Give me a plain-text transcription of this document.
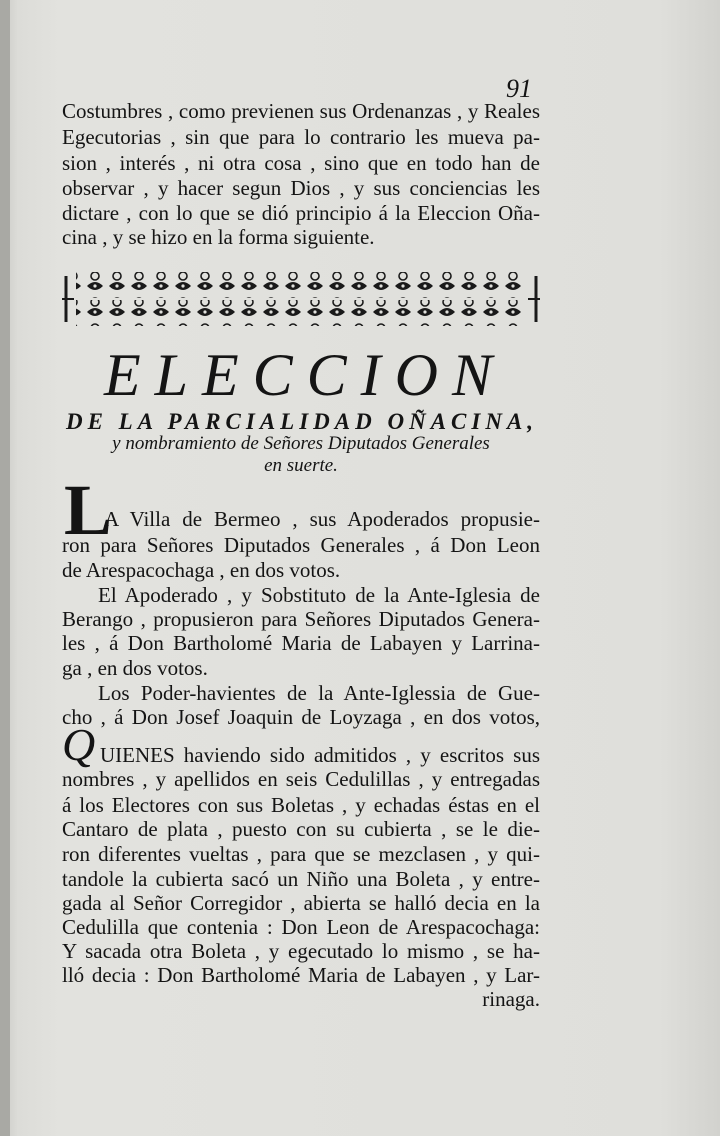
91
Costumbres , como previenen sus Ordenanzas , y Reales
Egecutorias , sin que para lo contrario les mueva pa-
sion , interés , ni otra cosa , sino que en todo han de
observar , y hacer segun Dios , y sus conciencias les
dictare , con lo que se dió principio á la Eleccion Oña-
cina , y se hizo en la forma siguiente.
ELECCION
DE LA PARCIALIDAD OÑACINA,
y nombramiento de Señores Diputados Generales
en suerte.
L
A Villa de Bermeo , sus Apoderados propusie-
ron para Señores Diputados Generales , á Don Leon
de Arespacochaga , en dos votos.
El Apoderado , y Sobstituto de la Ante-Iglesia de
Berango , propusieron para Señores Diputados Genera-
les , á Don Bartholomé Maria de Labayen y Larrina-
ga , en dos votos.
Los Poder-havientes de la Ante-Iglessia de Gue-
cho , á Don Josef Joaquin de Loyzaga , en dos votos,
Q UIENES haviendo sido admitidos , y escritos sus
nombres , y apellidos en seis Cedulillas , y entregadas
á los Electores con sus Boletas , y echadas éstas en el
Cantaro de plata , puesto con su cubierta , se le die-
ron diferentes vueltas , para que se mezclasen , y qui-
tandole la cubierta sacó un Niño una Boleta , y entre-
gada al Señor Corregidor , abierta se halló decia en la
Cedulilla que contenia : Don Leon de Arespacochaga:
Y sacada otra Boleta , y egecutado lo mismo , se ha-
lló decia : Don Bartholomé Maria de Labayen , y Lar-
rinaga.
